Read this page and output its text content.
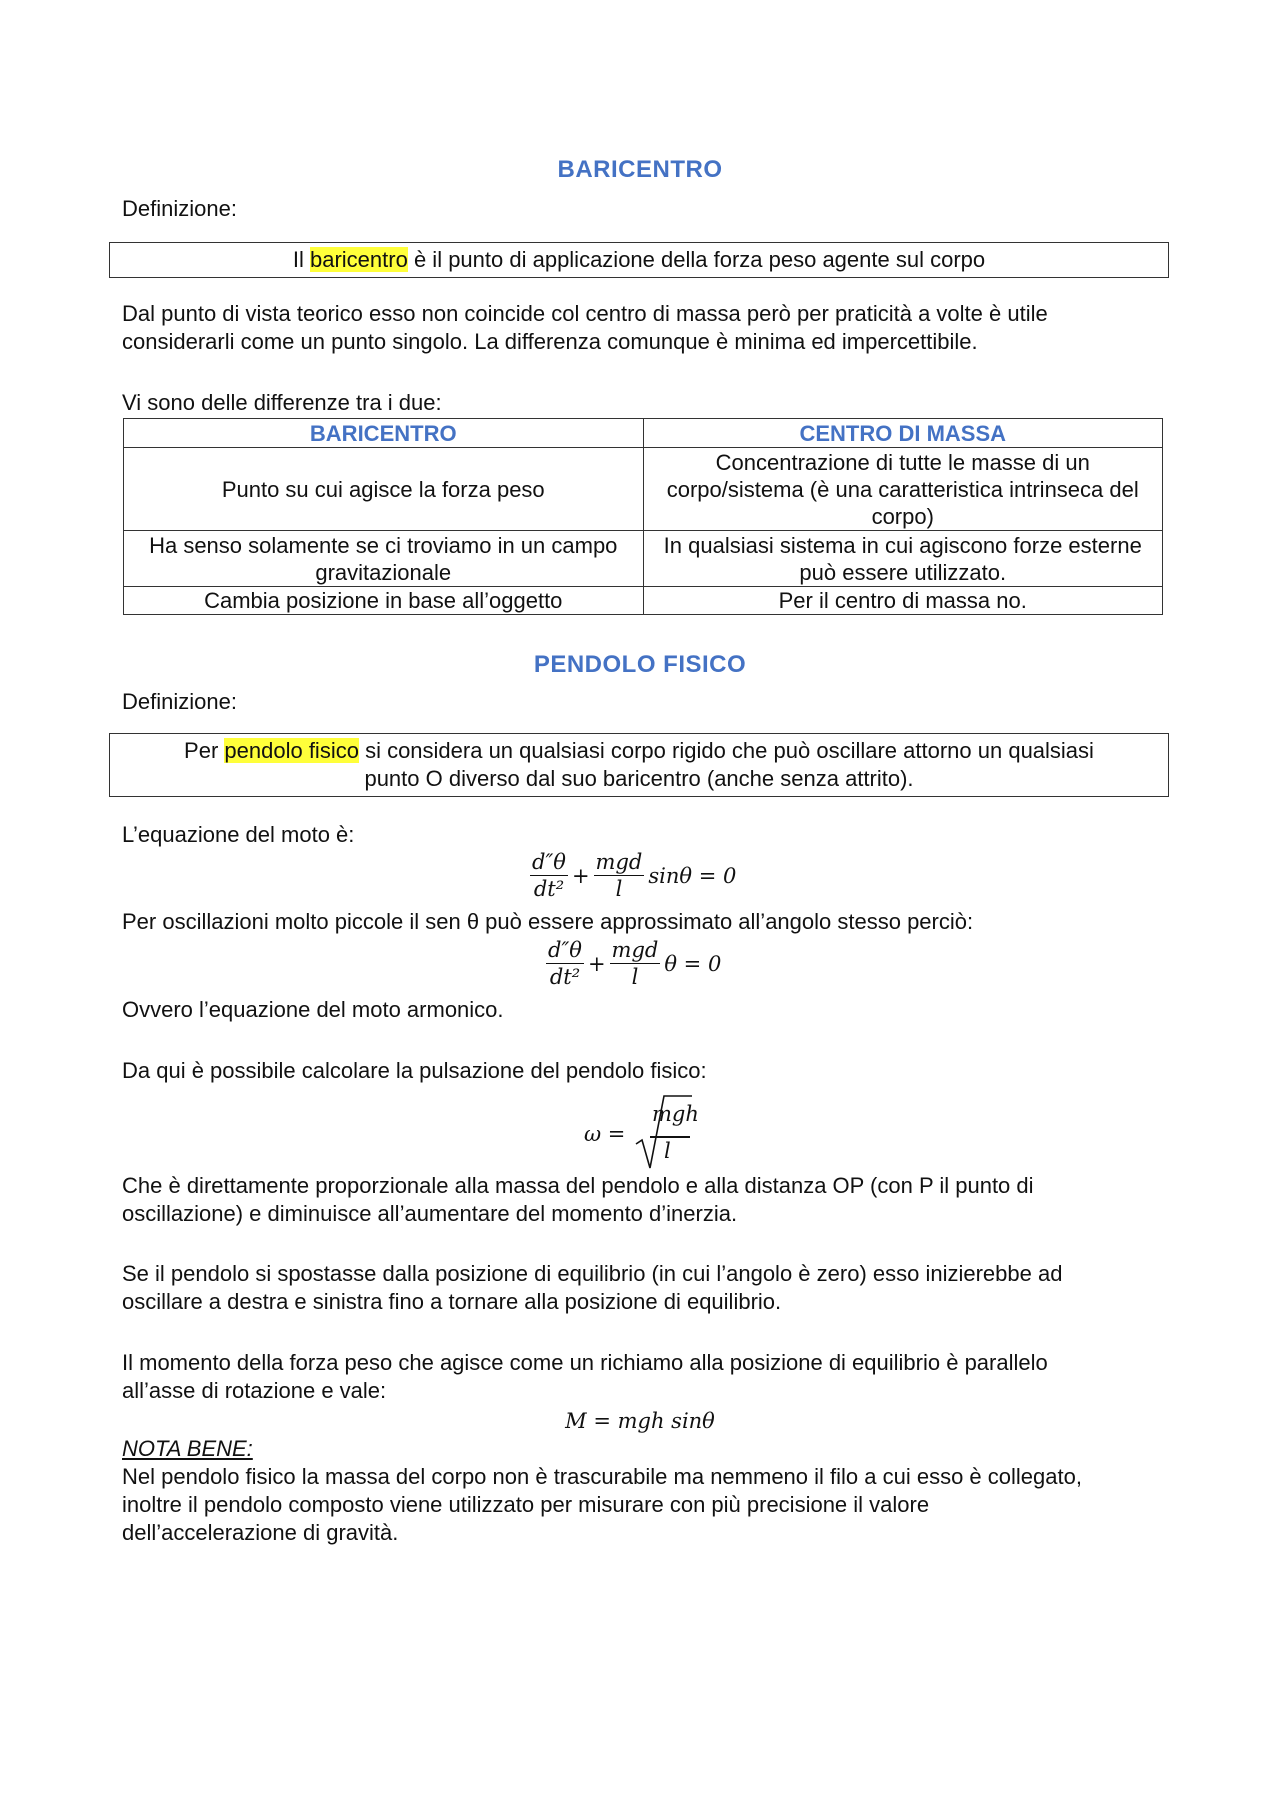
BARICENTRO
Definizione:
Il baricentro è il punto di applicazione della forza peso agente sul corpo
Dal punto di vista teorico esso non coincide col centro di massa però per praticità a volte è utile
considerarli come un punto singolo. La differenza comunque è minima ed impercettibile.
Vi sono delle differenze tra i due:
BARICENTRO	CENTRO DI MASSA
Punto su cui agisce la forza peso	Concentrazione di tutte le masse di un corpo/sistema (è una caratteristica intrinseca del corpo)
Ha senso solamente se ci troviamo in un campo gravitazionale	In qualsiasi sistema in cui agiscono forze esterne può essere utilizzato.
Cambia posizione in base all’oggetto	Per il centro di massa no.
PENDOLO FISICO
Definizione:
Per pendolo fisico si considera un qualsiasi corpo rigido che può oscillare attorno un qualsiasi
punto O diverso dal suo baricentro (anche senza attrito).
L’equazione del moto è:
$\frac{d''\theta}{\text{dt²}} + \frac{\text{mgd}}{l}$ sinθ = 0
Per oscillazioni molto piccole il sen θ può essere approssimato all’angolo stesso perciò:
$\frac{d''\theta}{\text{dt²}} + \frac{\text{mgd}}{l}$ θ = 0
Ovvero l’equazione del moto armonico.
Da qui è possibile calcolare la pulsazione del pendolo fisico:
ω =
mgh
l
Che è direttamente proporzionale alla massa del pendolo e alla distanza OP (con P il punto di
oscillazione) e diminuisce all’aumentare del momento d’inerzia.
Se il pendolo si spostasse dalla posizione di equilibrio (in cui l’angolo è zero) esso inizierebbe ad
oscillare a destra e sinistra fino a tornare alla posizione di equilibrio.
Il momento della forza peso che agisce come un richiamo alla posizione di equilibrio è parallelo
all’asse di rotazione e vale:
M = mgh sinθ
NOTA BENE:
Nel pendolo fisico la massa del corpo non è trascurabile ma nemmeno il filo a cui esso è collegato,
inoltre il pendolo composto viene utilizzato per misurare con più precisione il valore
dell’accelerazione di gravità.
